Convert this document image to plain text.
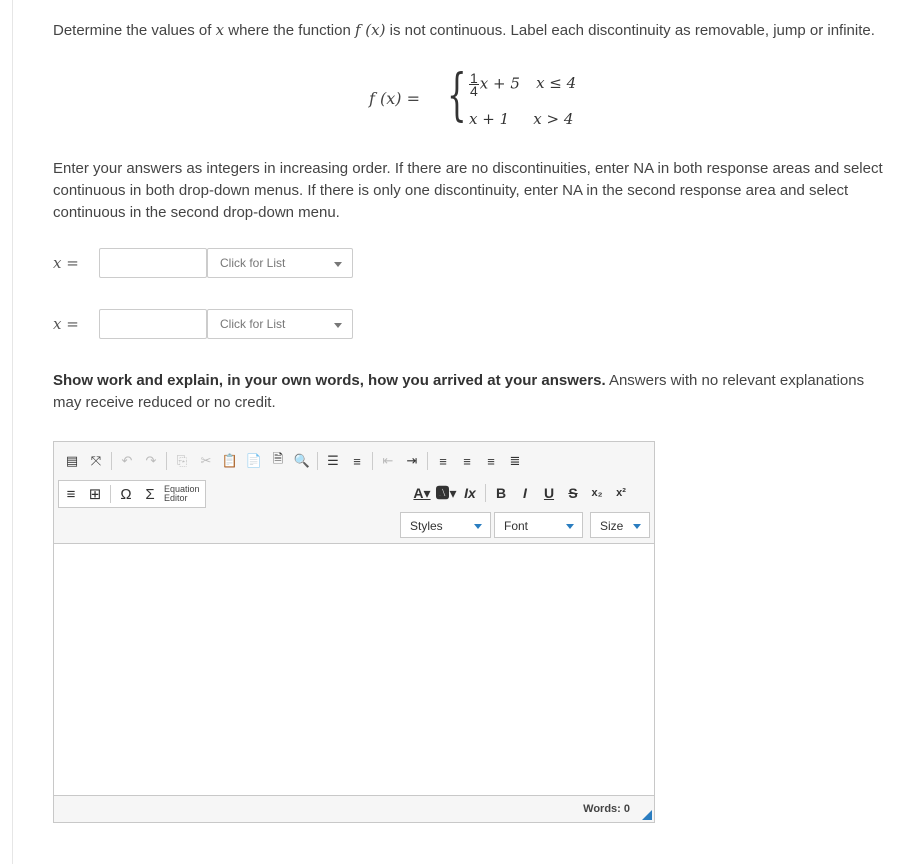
Determine the values of x where the function f (x) is not continuous. Label each discontinuity as removable, jump or infinite.
f (x) = { $\frac{1}{4}$ x + 5 x ≤ 4
x + 1 x > 4
Enter your answers as integers in increasing order. If there are no discontinuities, enter NA in both response areas and select continuous in both drop-down menus. If there is only one discontinuity, enter NA in the second response area and select continuous in the second drop-down menu.
x =	Click for List
x =	Click for List
Show work and explain, in your own words, how you arrived at your answers. Answers with no relevant explanations may receive reduced or no credit.
▤ ⤧	↶	↷	⎘	✂ 📋 📄 🗎 🔍	☰	≡	⇤	⇥	≡	≡	≡	≣
≡ ⊞ Ω Σ	Equation
Editor	A▾ 🅰▾ Ix	B	I	U	S	x₂	x²
Styles	Font	Size
Words: 0
